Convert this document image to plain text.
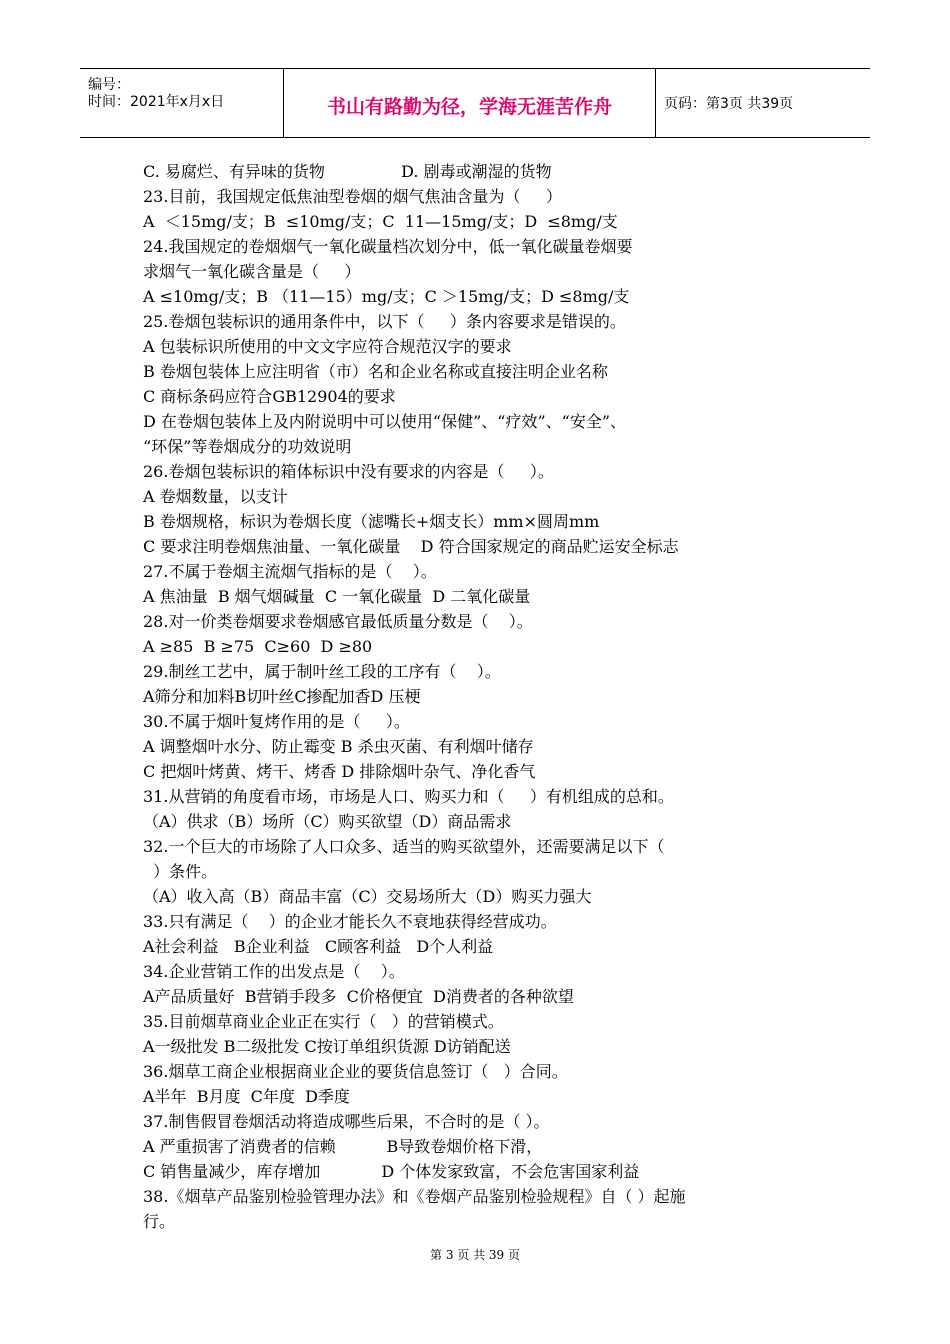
编号：
时间：2021年x月x日	书山有路勤为径，学海无涯苦作舟	页码：第3页 共39页
C. 易腐烂、有异味的货物               D. 剧毒或潮湿的货物
23.目前，我国规定低焦油型卷烟的烟气焦油含量为（     ）
A  ＜15mg/支；B  ≤10mg/支；C  11—15mg/支；D  ≤8mg/支
24.我国规定的卷烟烟气一氧化碳量档次划分中，低一氧化碳量卷烟要
求烟气一氧化碳含量是（     ）
A ≤10mg/支；B （11—15）mg/支；C ＞15mg/支；D ≤8mg/支
25.卷烟包装标识的通用条件中，以下（     ）条内容要求是错误的。
A 包装标识所使用的中文文字应符合规范汉字的要求
B 卷烟包装体上应注明省（市）名和企业名称或直接注明企业名称
C 商标条码应符合GB12904的要求
D 在卷烟包装体上及内附说明中可以使用“保健”、“疗效”、“安全”、
“环保”等卷烟成分的功效说明
26.卷烟包装标识的箱体标识中没有要求的内容是（     ）。
A 卷烟数量，以支计
B 卷烟规格，标识为卷烟长度（滤嘴长+烟支长）mm×圆周mm
C 要求注明卷烟焦油量、一氧化碳量    D 符合国家规定的商品贮运安全标志
27.不属于卷烟主流烟气指标的是（    ）。
A 焦油量  B 烟气烟碱量  C 一氧化碳量  D 二氧化碳量
28.对一价类卷烟要求卷烟感官最低质量分数是（    ）。
A ≥85  B ≥75  C≥60  D ≥80
29.制丝工艺中，属于制叶丝工段的工序有（    ）。
A筛分和加料B切叶丝C掺配加香D 压梗
30.不属于烟叶复烤作用的是（     ）。
A 调整烟叶水分、防止霉变 B 杀虫灭菌、有利烟叶储存
C 把烟叶烤黄、烤干、烤香 D 排除烟叶杂气、净化香气
31.从营销的角度看市场，市场是人口、购买力和（     ）有机组成的总和。
（A）供求（B）场所（C）购买欲望（D）商品需求
32.一个巨大的市场除了人口众多、适当的购买欲望外，还需要满足以下（
）条件。
（A）收入高（B）商品丰富（C）交易场所大（D）购买力强大
33.只有满足（    ）的企业才能长久不衰地获得经营成功。
A社会利益   B企业利益   C顾客利益   D个人利益
34.企业营销工作的出发点是（    ）。
A产品质量好  B营销手段多  C价格便宜  D消费者的各种欲望
35.目前烟草商业企业正在实行（   ）的营销模式。
A一级批发 B二级批发 C按订单组织货源 D访销配送
36.烟草工商企业根据商业企业的要货信息签订（   ）合同。
A半年  B月度  C年度  D季度
37.制售假冒卷烟活动将造成哪些后果，不合时的是（ ）。
A 严重损害了消费者的信赖          B导致卷烟价格下滑，
C 销售量减少，库存增加            D 个体发家致富，不会危害国家利益
38.《烟草产品鉴别检验管理办法》和《卷烟产品鉴别检验规程》自（ ）起施
行。
第 3 页 共 39 页
